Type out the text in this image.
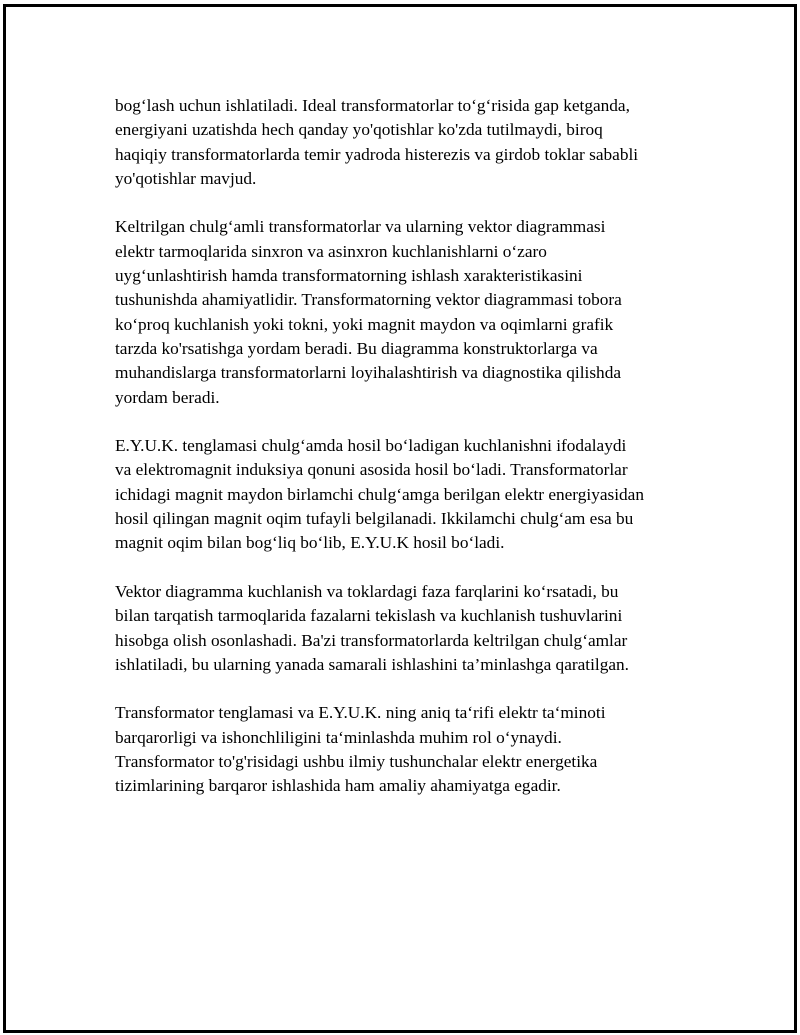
bog‘lash uchun ishlatiladi. Ideal transformatorlar to‘g‘risida gap ketganda,
energiyani uzatishda hech qanday yo'qotishlar ko'zda tutilmaydi, biroq
haqiqiy transformatorlarda temir yadroda histerezis va girdob toklar sababli
yo'qotishlar mavjud.

Keltrilgan chulg‘amli transformatorlar va ularning vektor diagrammasi
elektr tarmoqlarida sinxron va asinxron kuchlanishlarni o‘zaro
uyg‘unlashtirish hamda transformatorning ishlash xarakteristikasini
tushunishda ahamiyatlidir. Transformatorning vektor diagrammasi tobora
ko‘proq kuchlanish yoki tokni, yoki magnit maydon va oqimlarni grafik
tarzda ko'rsatishga yordam beradi. Bu diagramma konstruktorlarga va
muhandislarga transformatorlarni loyihalashtirish va diagnostika qilishda
yordam beradi.

E.Y.U.K. tenglamasi chulg‘amda hosil bo‘ladigan kuchlanishni ifodalaydi
va elektromagnit induksiya qonuni asosida hosil bo‘ladi. Transformatorlar
ichidagi magnit maydon birlamchi chulg‘amga berilgan elektr energiyasidan
hosil qilingan magnit oqim tufayli belgilanadi. Ikkilamchi chulg‘am esa bu
magnit oqim bilan bog‘liq bo‘lib, E.Y.U.K hosil bo‘ladi.

Vektor diagramma kuchlanish va toklardagi faza farqlarini ko‘rsatadi, bu
bilan tarqatish tarmoqlarida fazalarni tekislash va kuchlanish tushuvlarini
hisobga olish osonlashadi. Ba'zi transformatorlarda keltrilgan chulg‘amlar
ishlatiladi, bu ularning yanada samarali ishlashini ta’minlashga qaratilgan.

Transformator tenglamasi va E.Y.U.K. ning aniq ta‘rifi elektr ta‘minoti
barqarorligi va ishonchliligini ta‘minlashda muhim rol o‘ynaydi.
Transformator to'g'risidagi ushbu ilmiy tushunchalar elektr energetika
tizimlarining barqaror ishlashida ham amaliy ahamiyatga egadir.
